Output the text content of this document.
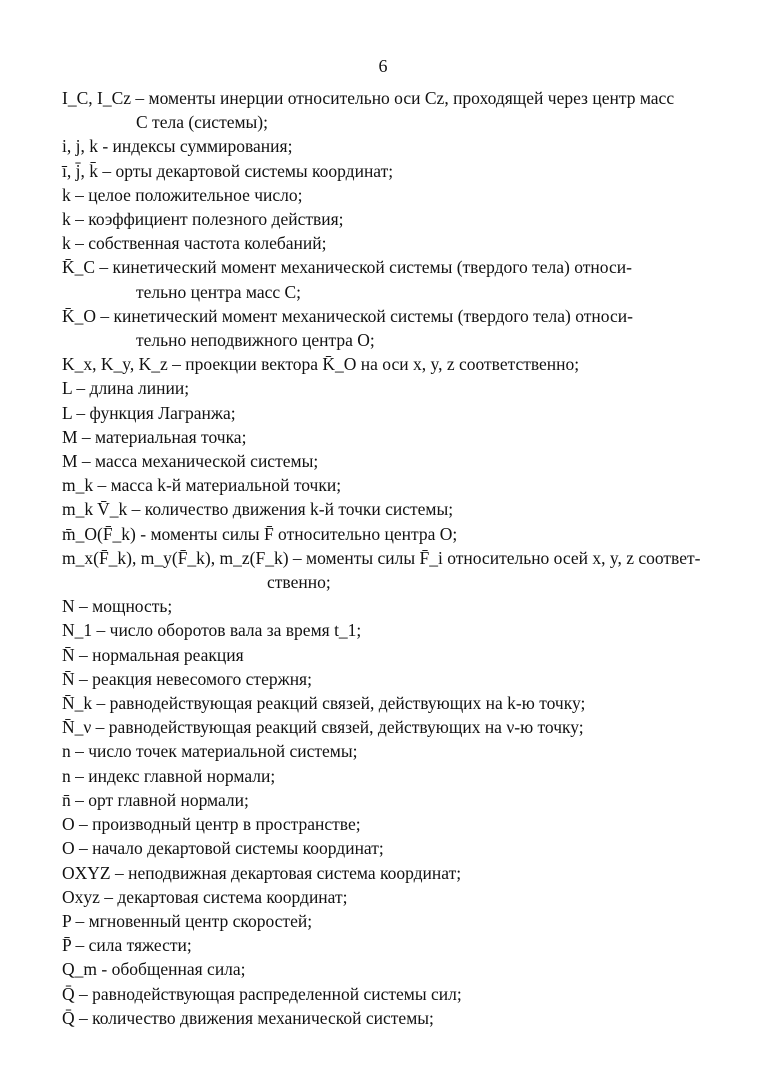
6
I_C, I_Cz – моменты инерции относительно оси Cz, проходящей через центр масс
C тела (системы);
i, j, k - индексы суммирования;
ī, j̄, k̄ – орты декартовой системы координат;
k – целое положительное число;
k – коэффициент полезного действия;
k – собственная частота колебаний;
K̄_C – кинетический момент механической системы (твердого тела) относи-
тельно центра масс C;
K̄_O – кинетический момент механической системы (твердого тела) относи-
тельно неподвижного центра O;
K_x, K_y, K_z – проекции вектора K̄_O на оси x, y, z соответственно;
L – длина линии;
L – функция Лагранжа;
M – материальная точка;
M – масса механической системы;
m_k – масса k-й материальной точки;
m_k V̄_k – количество движения k-й точки системы;
m̄_O(F̄_k) - моменты силы F̄ относительно центра O;
m_x(F̄_k), m_y(F̄_k), m_z(F_k) – моменты силы F̄_i относительно осей x, y, z соответ-
ственно;
N – мощность;
N_1 – число оборотов вала за время t_1;
N̄ – нормальная реакция
N̄ – реакция невесомого стержня;
N̄_k – равнодействующая реакций связей, действующих на k-ю точку;
N̄_ν – равнодействующая реакций связей, действующих на ν-ю точку;
n – число точек материальной системы;
n – индекс главной нормали;
n̄ – орт главной нормали;
O – производный центр в пространстве;
O – начало декартовой системы координат;
OXYZ – неподвижная декартовая система координат;
Oxyz – декартовая система координат;
P – мгновенный центр скоростей;
P̄ – сила тяжести;
Q_m - обобщенная сила;
Q̄ – равнодействующая распределенной системы сил;
Q̄ – количество движения механической системы;
